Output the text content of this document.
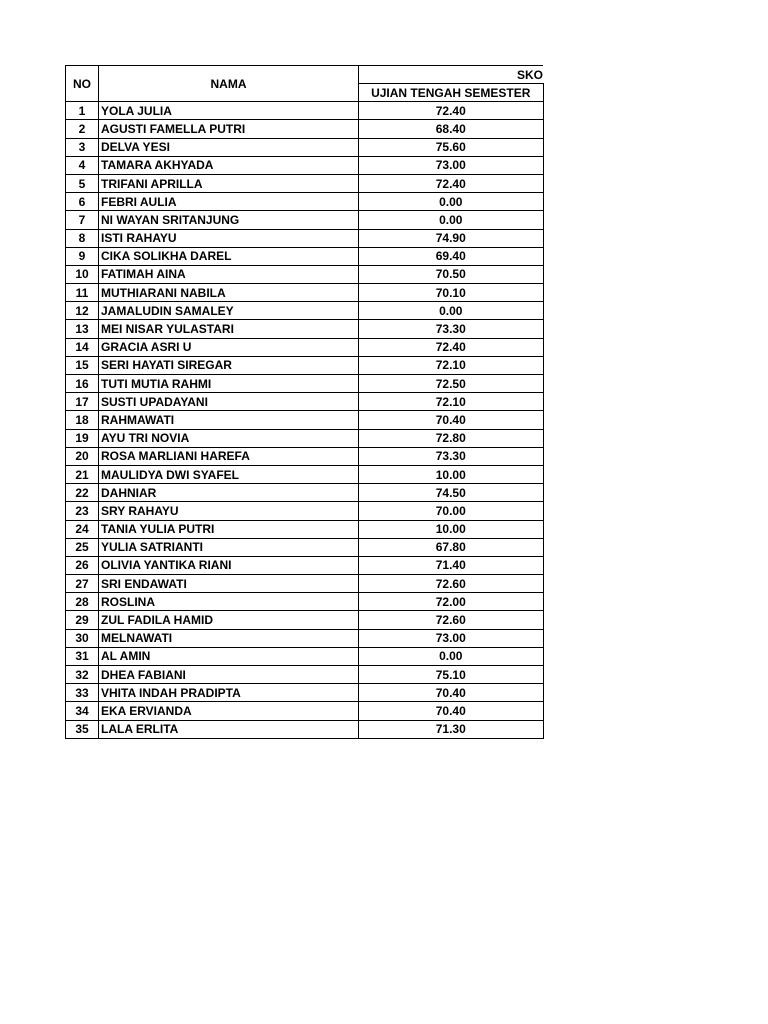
NO	NAMA	SKO
		UJIAN TENGAH SEMESTER
1	YOLA JULIA	72.40
2	AGUSTI FAMELLA PUTRI	68.40
3	DELVA YESI	75.60
4	TAMARA AKHYADA	73.00
5	TRIFANI APRILLA	72.40
6	FEBRI AULIA	0.00
7	NI WAYAN SRITANJUNG	0.00
8	ISTI RAHAYU	74.90
9	CIKA SOLIKHA DAREL	69.40
10	FATIMAH AINA	70.50
11	MUTHIARANI NABILA	70.10
12	JAMALUDIN SAMALEY	0.00
13	MEI NISAR YULASTARI	73.30
14	GRACIA ASRI U	72.40
15	SERI HAYATI SIREGAR	72.10
16	TUTI MUTIA RAHMI	72.50
17	SUSTI UPADAYANI	72.10
18	RAHMAWATI	70.40
19	AYU TRI NOVIA	72.80
20	ROSA MARLIANI HAREFA	73.30
21	MAULIDYA DWI SYAFEL	10.00
22	DAHNIAR	74.50
23	SRY RAHAYU	70.00
24	TANIA YULIA PUTRI	10.00
25	YULIA SATRIANTI	67.80
26	OLIVIA YANTIKA RIANI	71.40
27	SRI ENDAWATI	72.60
28	ROSLINA	72.00
29	ZUL FADILA HAMID	72.60
30	MELNAWATI	73.00
31	AL AMIN	0.00
32	DHEA FABIANI	75.10
33	VHITA INDAH PRADIPTA	70.40
34	EKA ERVIANDA	70.40
35	LALA ERLITA	71.30
